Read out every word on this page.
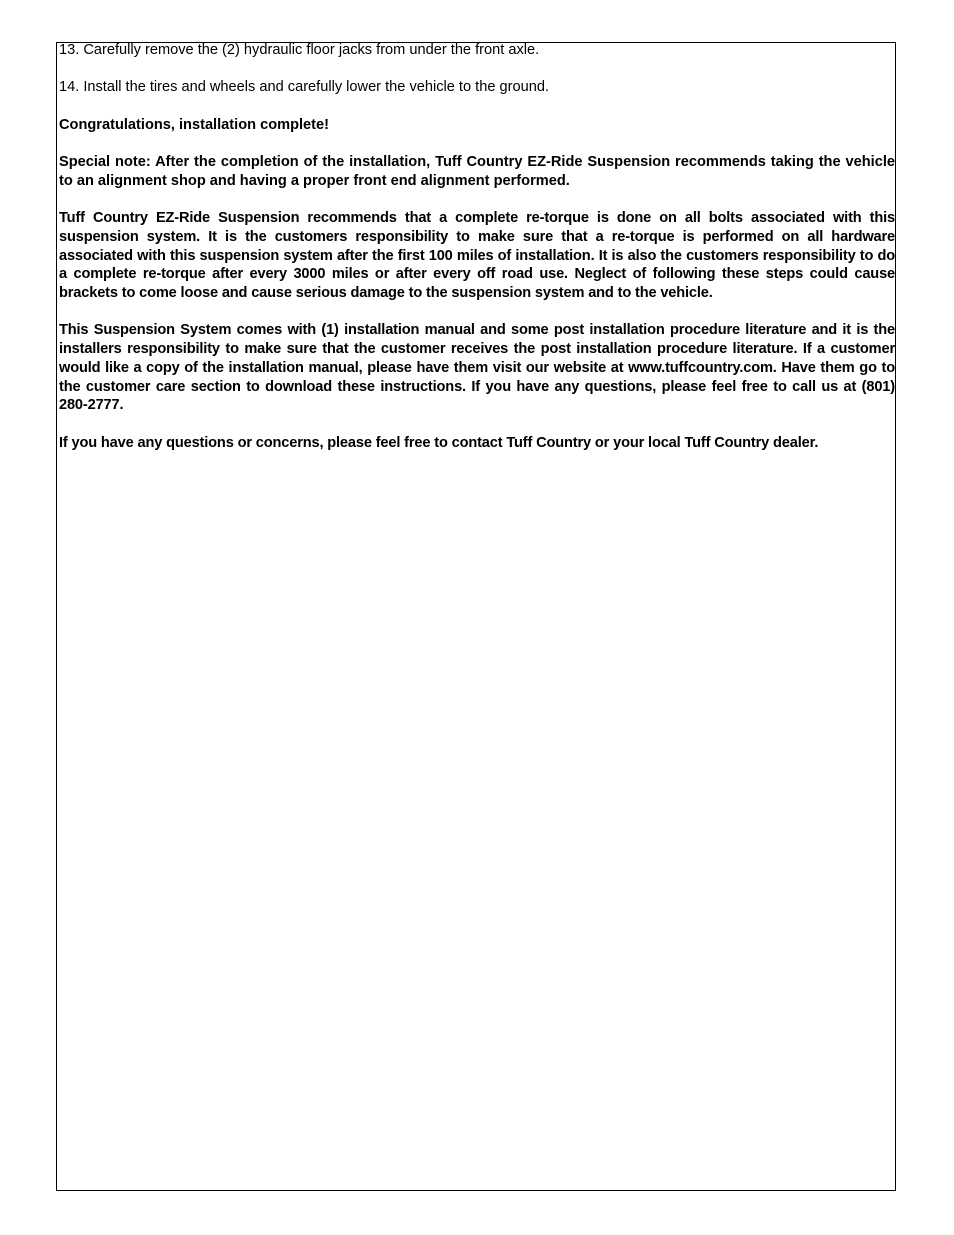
13. Carefully remove the (2) hydraulic floor jacks from under the front axle.

14. Install the tires and wheels and carefully lower the vehicle to the ground.

Congratulations, installation complete!

Special note: After the completion of the installation, Tuff Country EZ-Ride Suspension recommends taking the vehicle to an alignment shop and having a proper front end alignment performed.

Tuff Country EZ-Ride Suspension recommends that a complete re-torque is done on all bolts associated with this suspension system. It is the customers responsibility to make sure that a re-torque is performed on all hardware associated with this suspension system after the first 100 miles of installation. It is also the customers responsibility to do a complete re-torque after every 3000 miles or after every off road use. Neglect of following these steps could cause brackets to come loose and cause serious damage to the suspension system and to the vehicle.

This Suspension System comes with (1) installation manual and some post installation procedure literature and it is the installers responsibility to make sure that the customer receives the post installation procedure literature. If a customer would like a copy of the installation manual, please have them visit our website at www.tuffcountry.com. Have them go to the customer care section to download these instructions. If you have any questions, please feel free to call us at (801) 280-2777.

If you have any questions or concerns, please feel free to contact Tuff Country or your local Tuff Country dealer.
